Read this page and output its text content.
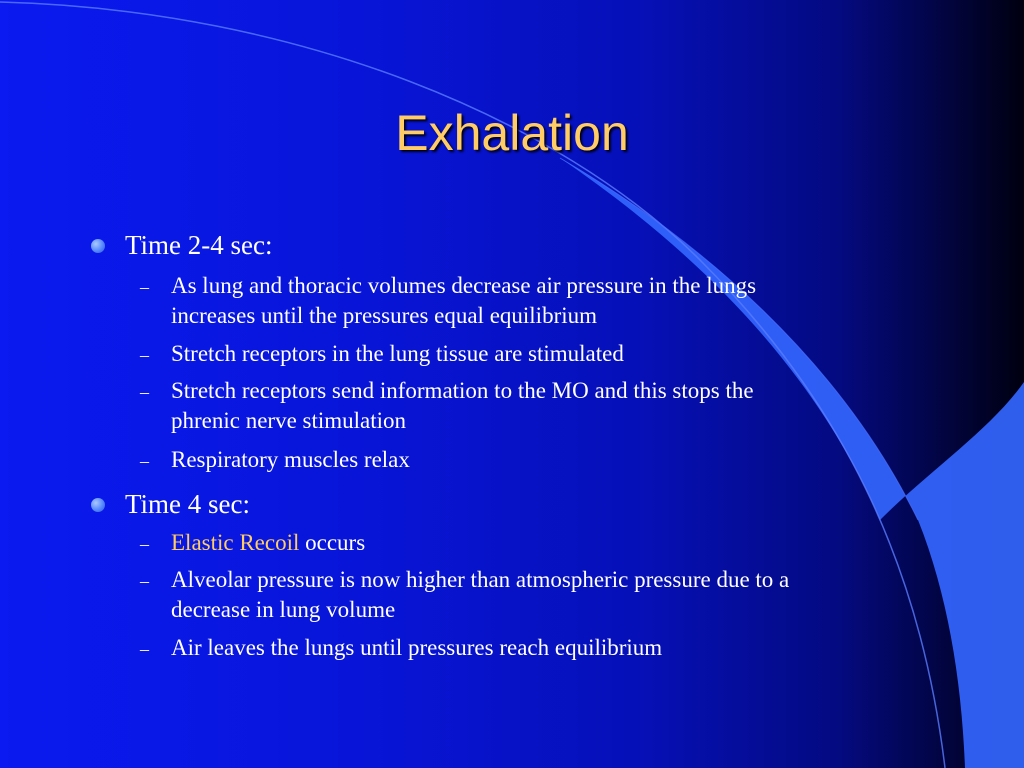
Exhalation
Time 2-4 sec:
– As lung and thoracic volumes decrease air pressure in the lungs
increases until the pressures equal equilibrium
– Stretch receptors in the lung tissue are stimulated
– Stretch receptors send information to the MO and this stops the
phrenic nerve stimulation
– Respiratory muscles relax
Time 4 sec:
– Elastic Recoil occurs
– Alveolar pressure is now higher than atmospheric pressure due to a
decrease in lung volume
– Air leaves the lungs until pressures reach equilibrium
